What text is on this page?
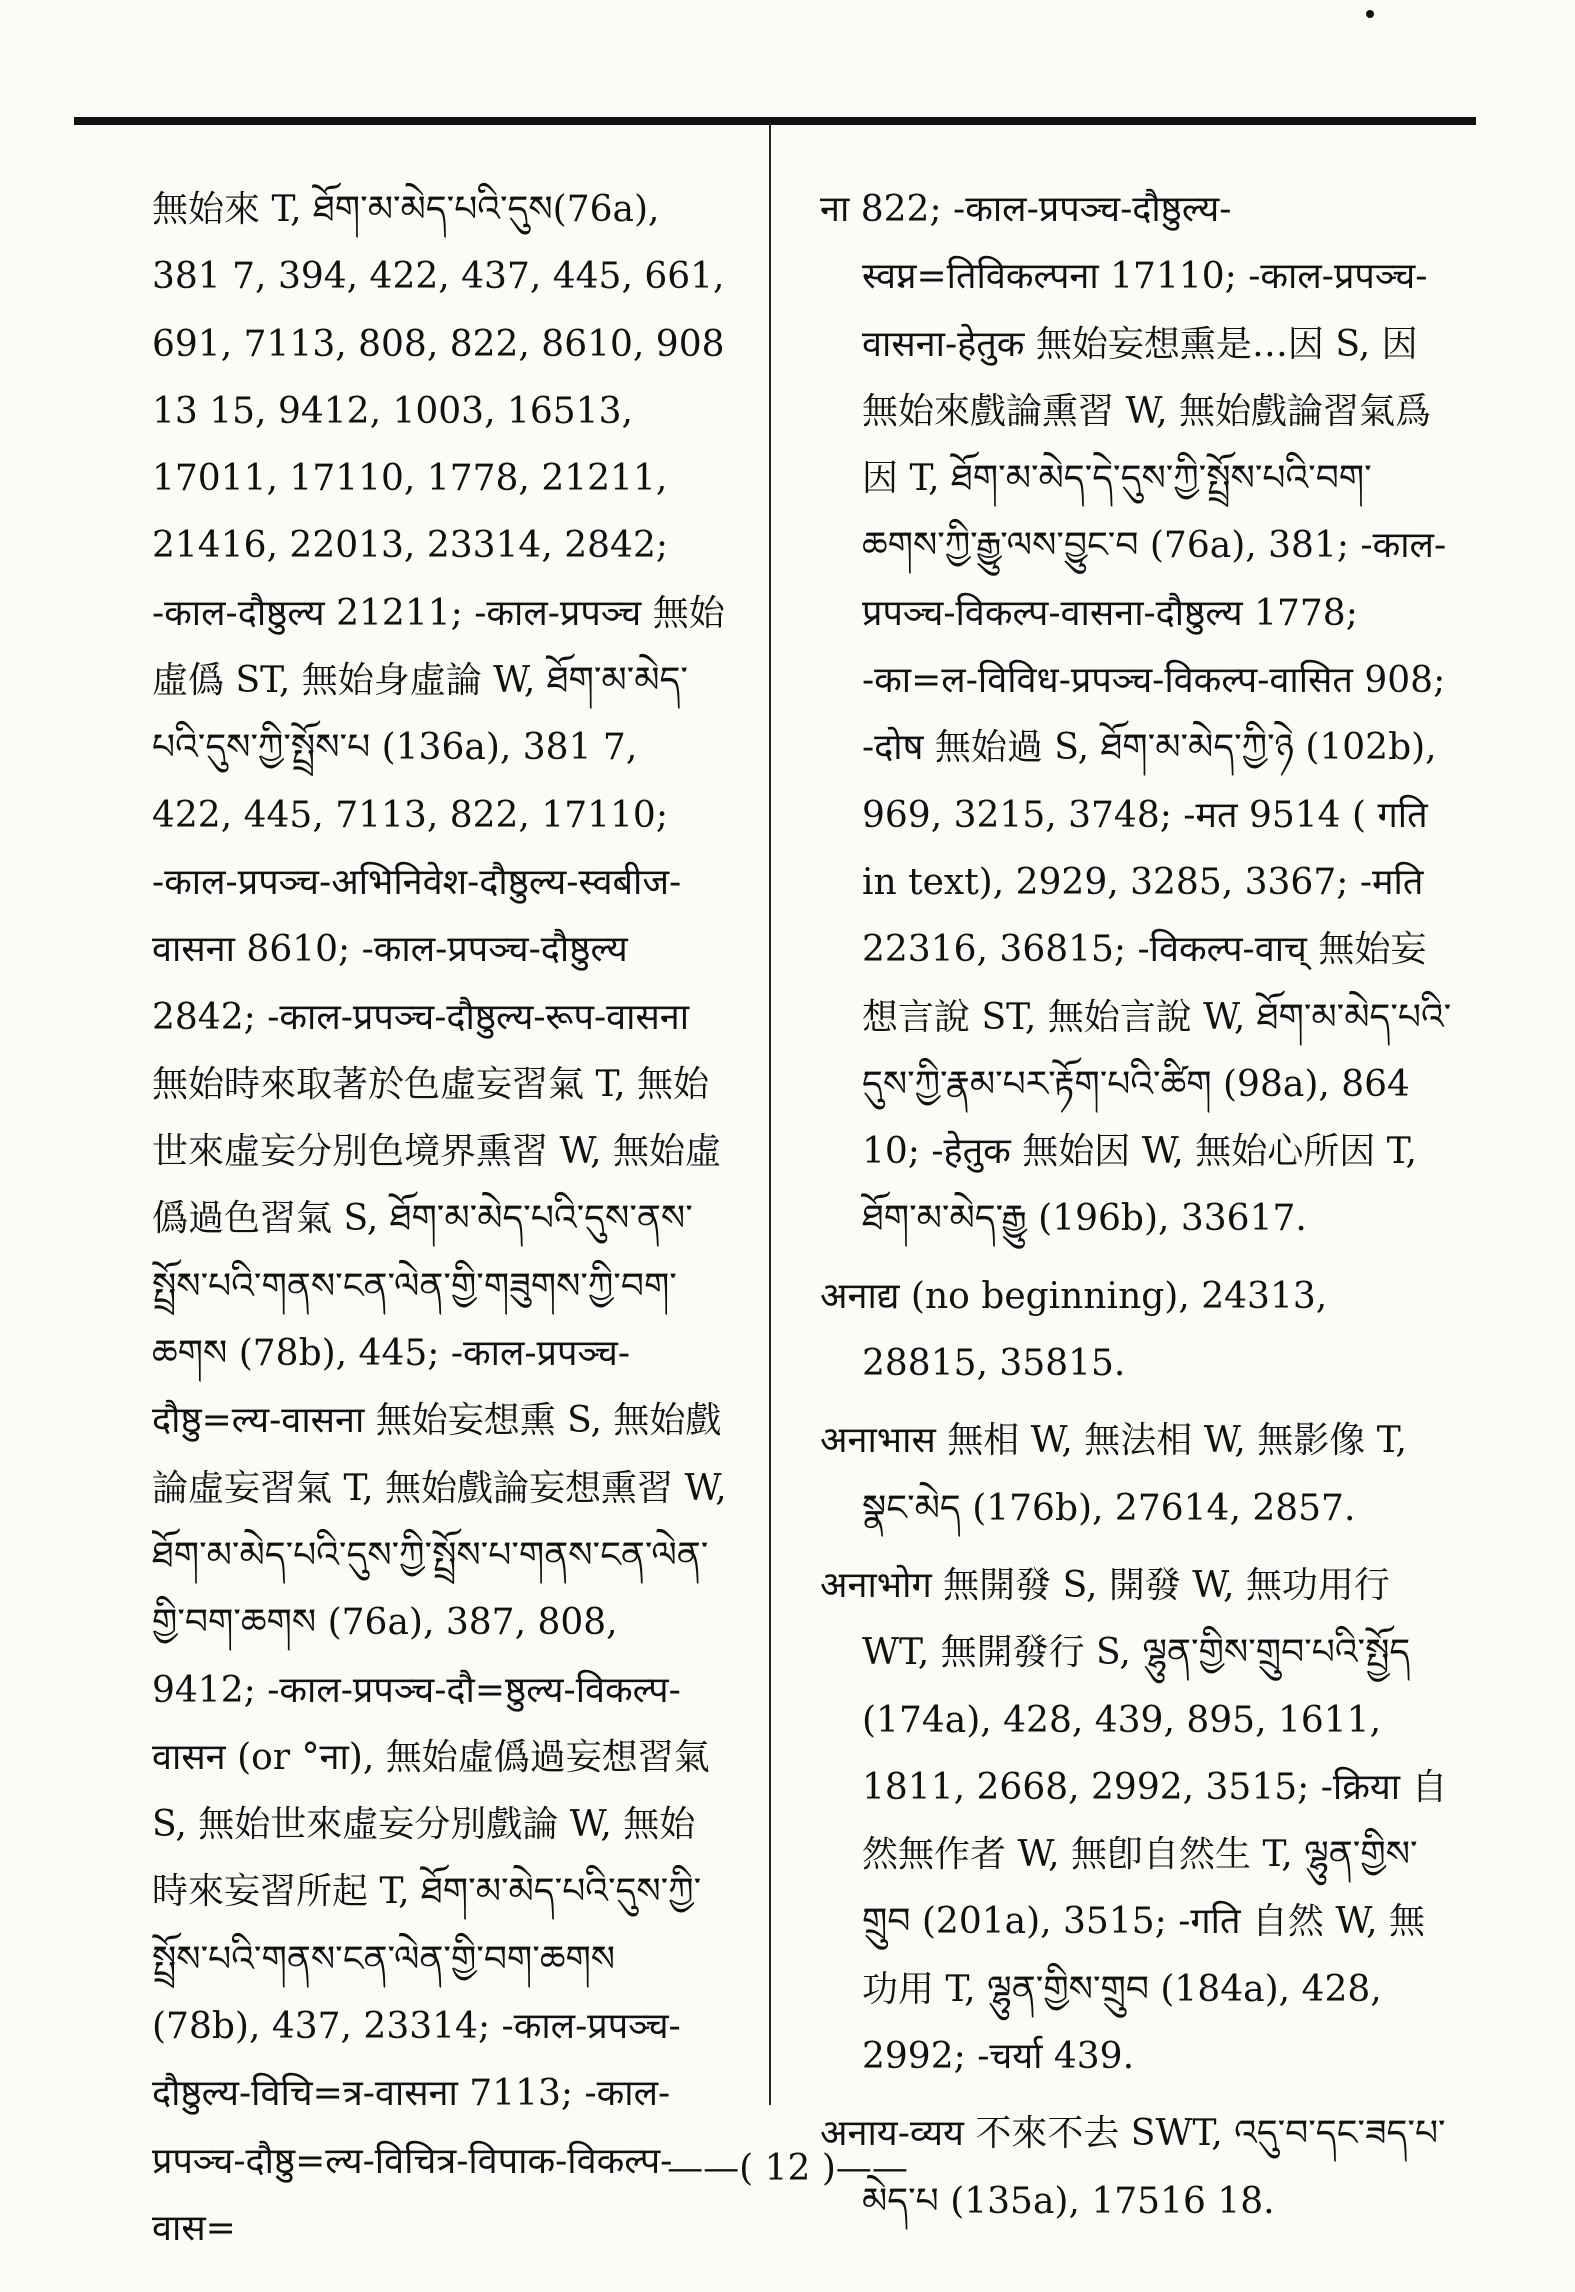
無始來 T, ཐོག་མ་མེད་པའི་དུས(76a), 381 7, 394, 422, 437, 445, 661, 691, 7113, 808, 822, 8610, 908 13 15, 9412, 1003, 16513, 17011, 17110, 1778, 21211, 21416, 22013, 23314, 2842; -काल-दौष्ठुल्य 21211; -काल-प्रपञ्च 無始虛僞 ST, 無始身虛論 W, ཐོག་མ་མེད་པའི་དུས་ཀྱི་སྤྲོས་པ (136a), 381 7, 422, 445, 7113, 822, 17110; -काल-प्रपञ्च-अभिनिवेश-दौष्ठुल्य-स्वबीज-वासना 8610; -काल-प्रपञ्च-दौष्ठुल्य 2842; -काल-प्रपञ्च-दौष्ठुल्य-रूप-वासना 無始時來取著於色虛妄習氣 T, 無始世來虛妄分別色境界熏習 W, 無始虛僞過色習氣 S, ཐོག་མ་མེད་པའི་དུས་ནས་སྤྲོས་པའི་གནས་ངན་ལེན་གྱི་གཟུགས་ཀྱི་བག་ཆགས (78b), 445; -काल-प्रपञ्च-दौष्ठु=ल्य-वासना 無始妄想熏 S, 無始戲論虛妄習氣 T, 無始戲論妄想熏習 W, ཐོག་མ་མེད་པའི་དུས་ཀྱི་སྤྲོས་པ་གནས་ངན་ལེན་གྱི་བག་ཆགས (76a), 387, 808, 9412; -काल-प्रपञ्च-दौ=ष्ठुल्य-विकल्प-वासन (or °ना), 無始虛僞過妄想習氣 S, 無始世來虛妄分別戲論 W, 無始時來妄習所起 T, ཐོག་མ་མེད་པའི་དུས་ཀྱི་སྤྲོས་པའི་གནས་ངན་ལེན་གྱི་བག་ཆགས (78b), 437, 23314; -काल-प्रपञ्च-दौष्ठुल्य-विचि=त्र-वासना 7113; -काल-प्रपञ्च-दौष्ठु=ल्य-विचित्र-विपाक-विकल्प-वास=

ना 822; -काल-प्रपञ्च-दौष्ठुल्य-स्वप्न=तिविकल्पना 17110; -काल-प्रपञ्च-वासना-हेतुक 無始妄想熏是…因 S, 因無始來戲論熏習 W, 無始戲論習氣爲因 T, ཐོག་མ་མེད་དེ་དུས་ཀྱི་སྤྲོས་པའི་བག་ཆགས་ཀྱི་རྒྱུ་ལས་བྱུང་བ (76a), 381; -काल-प्रपञ्च-विकल्प-वासना-दौष्ठुल्य 1778; -का=ल-विविध-प्रपञ्च-विकल्प-वासित 908; -दोष 無始過 S, ཐོག་མ་མེད་ཀྱི་ཉེ (102b), 969, 3215, 3748; -मत 9514 ( गति in text), 2929, 3285, 3367; -मति 22316, 36815; -विकल्प-वाच् 無始妄想言說 ST, 無始言說 W, ཐོག་མ་མེད་པའི་དུས་ཀྱི་རྣམ་པར་རྟོག་པའི་ཚིག (98a), 864 10; -हेतुक 無始因 W, 無始心所因 T, ཐོག་མ་མེད་རྒྱུ (196b), 33617.

अनाद्य (no beginning), 24313, 28815, 35815.

अनाभास 無相 W, 無法相 W, 無影像 T, སྣང་མེད (176b), 27614, 2857.

अनाभोग 無開發 S, 開發 W, 無功用行 WT, 無開發行 S, ལྷུན་གྱིས་གྲུབ་པའི་སྤྱོད (174a), 428, 439, 895, 1611, 1811, 2668, 2992, 3515; -क्रिया 自然無作者 W, 無卽自然生 T, ལྷུན་གྱིས་གྲུབ (201a), 3515; -गति 自然 W, 無功用 T, ལྷུན་གྱིས་གྲུབ (184a), 428, 2992; -चर्या 439.

अनाय-व्यय 不來不去 SWT, འདུ་བ་དང་ཟད་པ་མེད་པ (135a), 17516 18.

——( 12 )——
